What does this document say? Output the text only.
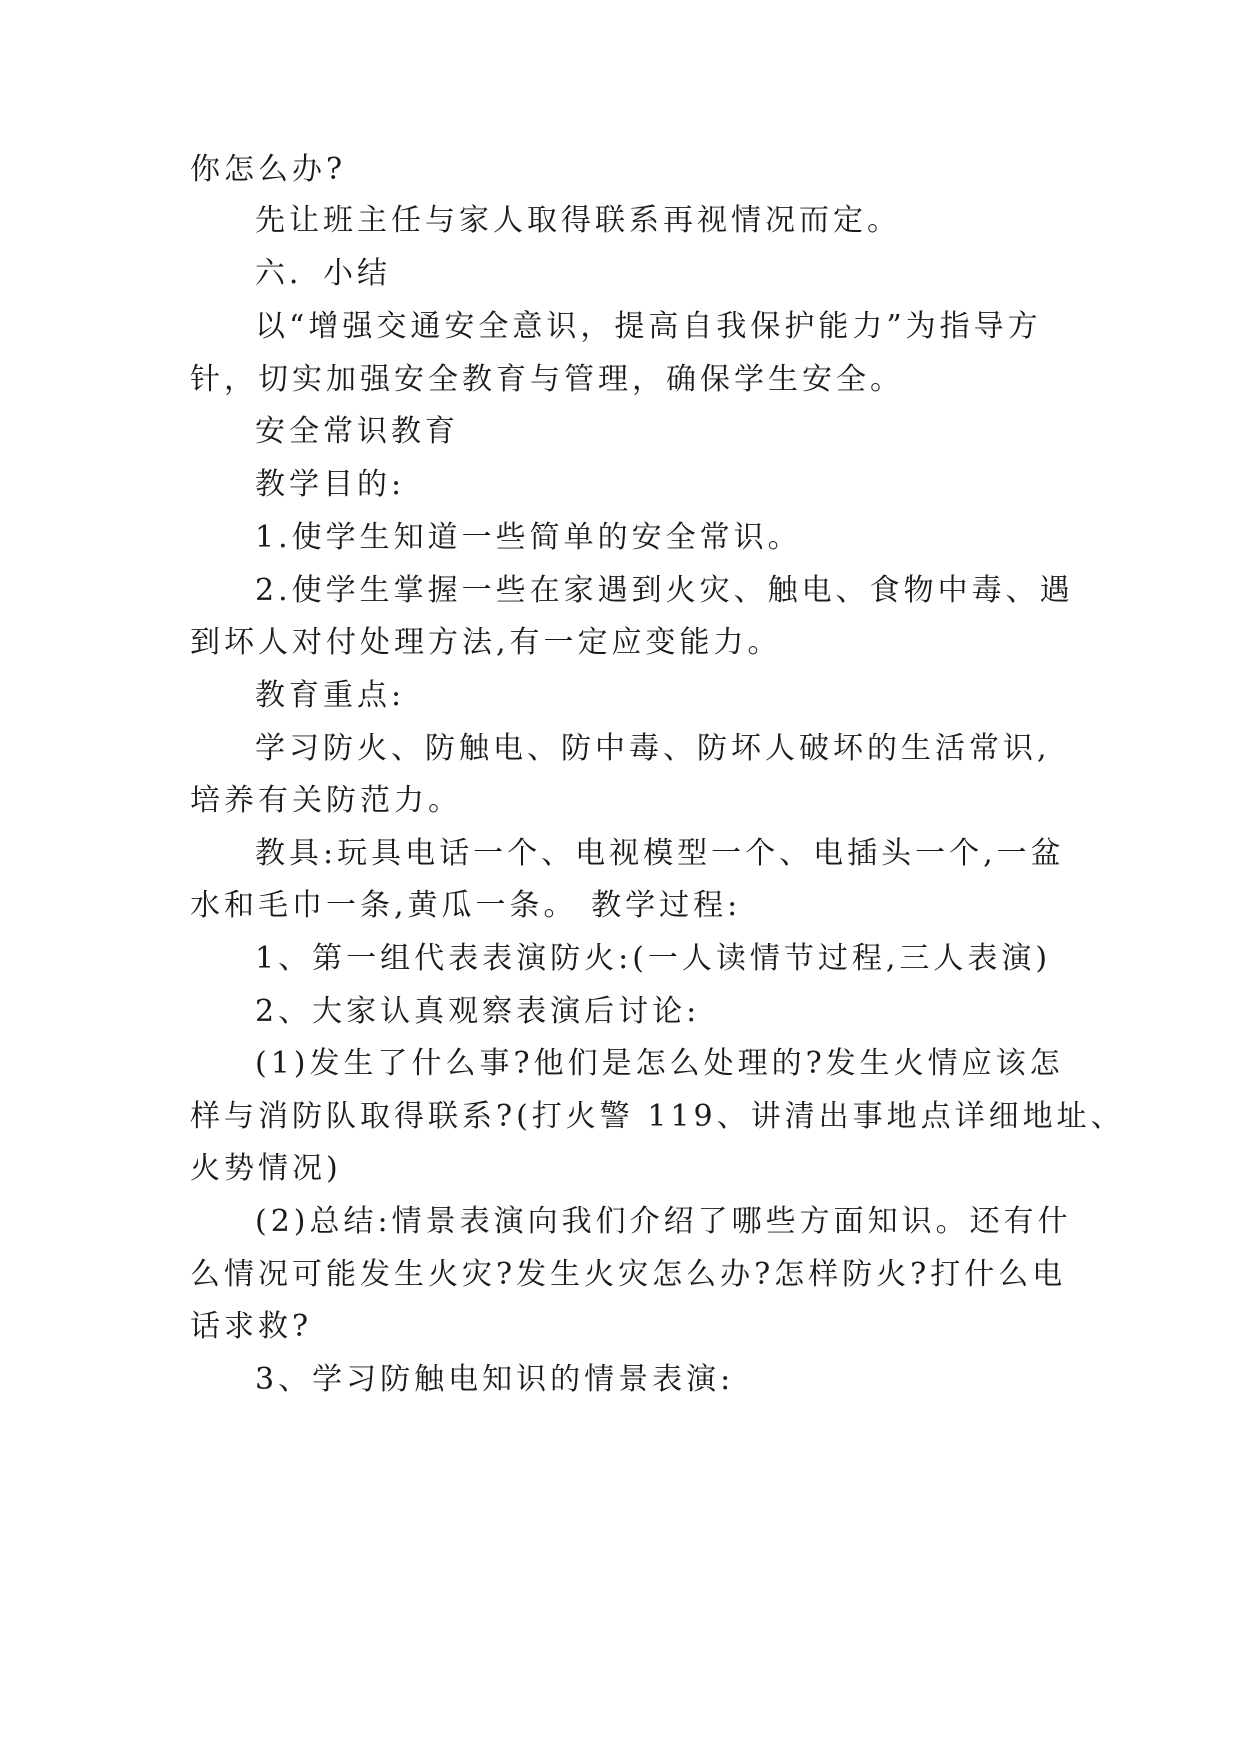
你怎么办?

先让班主任与家人取得联系再视情况而定。

六．小结

以“增强交通安全意识，提高自我保护能力”为指导方

针，切实加强安全教育与管理，确保学生安全。

安全常识教育

教学目的:

1.使学生知道一些简单的安全常识。

2.使学生掌握一些在家遇到火灾、触电、食物中毒、遇

到坏人对付处理方法,有一定应变能力。

教育重点:

学习防火、防触电、防中毒、防坏人破坏的生活常识,

培养有关防范力。

教具:玩具电话一个、电视模型一个、电插头一个,一盆

水和毛巾一条,黄瓜一条。 教学过程:

1、第一组代表表演防火:(一人读情节过程,三人表演)

2、大家认真观察表演后讨论:

(1)发生了什么事?他们是怎么处理的?发生火情应该怎

样与消防队取得联系?(打火警 119、讲清出事地点详细地址、

火势情况)

(2)总结:情景表演向我们介绍了哪些方面知识。还有什

么情况可能发生火灾?发生火灾怎么办?怎样防火?打什么电

话求救?

3、学习防触电知识的情景表演:
